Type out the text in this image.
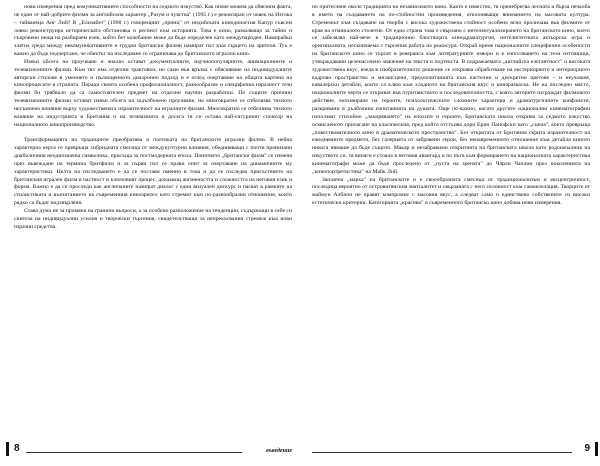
нови измерения пред комуникативните способности на седмото изкуство. Как иначе можем да обясним факта, че един от най-добрите филми за английския характер „Разум и чувства" (1995 г.) е режисиран от човек на Изтока – тайванеца Анг Лий? В „Елизабет" (1998 г.) говорещият „принц" от индийската кинодинастия Капур съвсем ловко реконструира историческата обстановка и респект към историята. Това е кино, разказващо за тайни и съкровени неща на разбираем език, който бет колебание може да бъде определен като международен. Намирайки златна среда между некомуникативните и трудни британски филми намират път към сърцето на зрителя. Тук е важно да бъде подчертано, че обектът на изследване се ограничава до британското игрално кино.

Извън обсега на проучване и анализ остават документалните, научнопопулярните, анимационните и телевизионните филми. Към тях има отделни трактовки, но само във връзка с обясняване на индивидуалните авторски стилове в умението и пълноценното диахронно подход и е оглед очертаване на общата картина на кинопроцесите в страната. Поради своята особена професионалност, разнообразие и специфична изразност тези филми би трябвало да са самостоятелен предмет на отделни научни разработки. По същите причини телевизионните филми остават извън обсега на задълбочено проучване, но многократно се отбелязва тяхното несъмнено влияние върху художествената изразителност на игралните филми. Многократно се отбелязва тяхното влияние на индустрията в Британия и на телевизията и досега тя си остава най-сигурният спонсор на националното кинопроизводство.

Трансформацията на традициите преобразява и поетиката на британските игрални филми. В нейна характерна черта се превръща хибридната смесица от междукултурни влияния, обединяващи с почти пронизани диаболичния неоднозначна символика, присъща за постмодерната епоха. Понятието „британски филм" се изменя чрез въвеждане на термина бритфилм и за първи път се прави опит за очертаване на динамичните му характеристики. Целта на изследването е да се постави именно в това и да се изследва присъствието на британския игрален филм в частност и ключовият процес, доказващ жизнеността и сложността на неговия език и форма. Важно е да се проследи как англичаните намират диалог с един визуален дискурс и пасват в рамките на стилистиката и възпитанието на съвременния кинозрител като стремят към по-разнообразни отношения, които рядко са бъдат надхвърлени.

Става дума не за промяна на граничи въпроси, а за особено разположение на тенденции, съдържащи в себе си синтеза на индивидуални усилия и творчески търсения, свидетелстващи за непрекъсвания стремеж към нови изразни средства.

8	въведение

но притегляне около традицията на независимото кино. Както е известно, тя пренебрегва лесната и бърза печалба в името на създаването на по-стойностни произведения, отклоняващи вниманието на масовата култура. Стремежът към създаване на творби с висока художествена стойност особено ясно проличава във филмите от края на отминалото столетие. От една страна това е свързано с интелектуализирането на британското кино, което се забелязва най-вече в традиционно блестящата кинодраматургия, интелигентната актьорска игра и оригиналната, нескончаема с търсения работа на режисура. Открай време националните специфични особености на британското кино се търсят в реверанса към литературните извори и е използването на тези източници, утвърждавани целенасочено значение на текста и подтекста. В подражаемата „английска елегантност" и високата художествена вкус, взела в изобразителното решение се откроява обработване на екстериорното и интериорното кадрово пространство и мизансцени, предпочитанията към пастелни и дискретни цветове – и неуловим, кавалерски детайли, които са ключ към хладното на британския вкус и кинаразкаска. Не на последно място, националните черти се откриват във пуританството и последователността, с която авторите изграждат филмовото действие, мотивиране на героите, психологическите сложните характери и драматургичните конфликти, разкривани в дълбочина изпитанията на душата. Още по-важно, когато другите национални кинематографии използват стихийно „лакиряването" на епохите и героите, Британската школа открива за седмото изкуство осмисленото прилагане на класическия, пред който отстъпва дори Ерин Панофски като „сцена", което превръща „повествователното кино в драматическото пространство". Без откритата от Британия скрита изразителност на ежедневните предмети, без галерията от забравени герои, без ненавременното отношение към детайла киното никога нямаше да бъде същото. Макар и незабравими откритията на британската школа като родоначалник на изкуството си, тя винаги е стояла в неговия авангард и по пътя към формирането на националната характеристика кинематографи може да бъде проследено от „пуста на зрената" до Чарли Чаплин през поколенията на „кинопортретистика" на Майк Лий.

Запазена „марка" на британските и е своеобразната смесица от традиционализъм и ексцентричност, последица вероятно от островитянския манталитет и свързаната с него склонност към самоизолация. Творците от маймун Албион не правят компромис с масовия вкус, а следват само и единствено собствените си високи естетически критерии. Категорията „красиво" в съвременното британско кино добива нови измерения.

9
